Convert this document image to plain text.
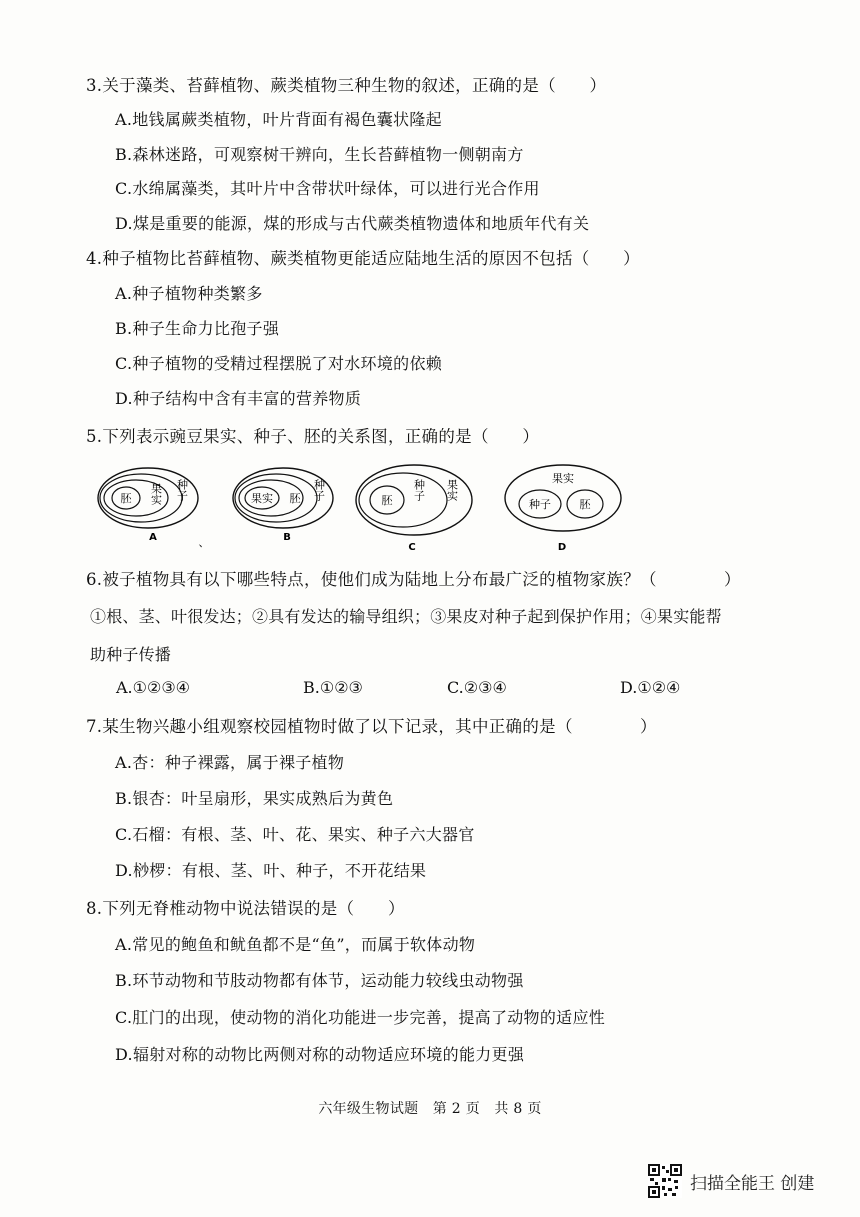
3.关于藻类、苔藓植物、蕨类植物三种生物的叙述，正确的是（　　）
A.地钱属蕨类植物，叶片背面有褐色囊状隆起
B.森林迷路，可观察树干辨向，生长苔藓植物一侧朝南方
C.水绵属藻类，其叶片中含带状叶绿体，可以进行光合作用
D.煤是重要的能源，煤的形成与古代蕨类植物遗体和地质年代有关
4.种子植物比苔藓植物、蕨类植物更能适应陆地生活的原因不包括（　　）
A.种子植物种类繁多
B.种子生命力比孢子强
C.种子植物的受精过程摆脱了对水环境的依赖
D.种子结构中含有丰富的营养物质
5.下列表示豌豆果实、种子、胚的关系图，正确的是（　　）
胚 果实 种子
A	、
果实 胚 种子
B
胚 种子 果实
C
果实
种子	胚
D
6.被子植物具有以下哪些特点，使他们成为陆地上分布最广泛的植物家族？（　　　　）
①根、茎、叶很发达；②具有发达的输导组织；③果皮对种子起到保护作用；④果实能帮
助种子传播
A.①②③④	B.①②③	C.②③④	D.①②④
7.某生物兴趣小组观察校园植物时做了以下记录，其中正确的是（　　　　）
A.杏：种子裸露，属于裸子植物
B.银杏：叶呈扇形，果实成熟后为黄色
C.石榴：有根、茎、叶、花、果实、种子六大器官
D.桫椤：有根、茎、叶、种子，不开花结果
8.下列无脊椎动物中说法错误的是（　　）
A.常见的鲍鱼和鱿鱼都不是“鱼”，而属于软体动物
B.环节动物和节肢动物都有体节，运动能力较线虫动物强
C.肛门的出现，使动物的消化功能进一步完善，提高了动物的适应性
D.辐射对称的动物比两侧对称的动物适应环境的能力更强
六年级生物试题　第 2 页　共 8 页
扫描全能王 创建
